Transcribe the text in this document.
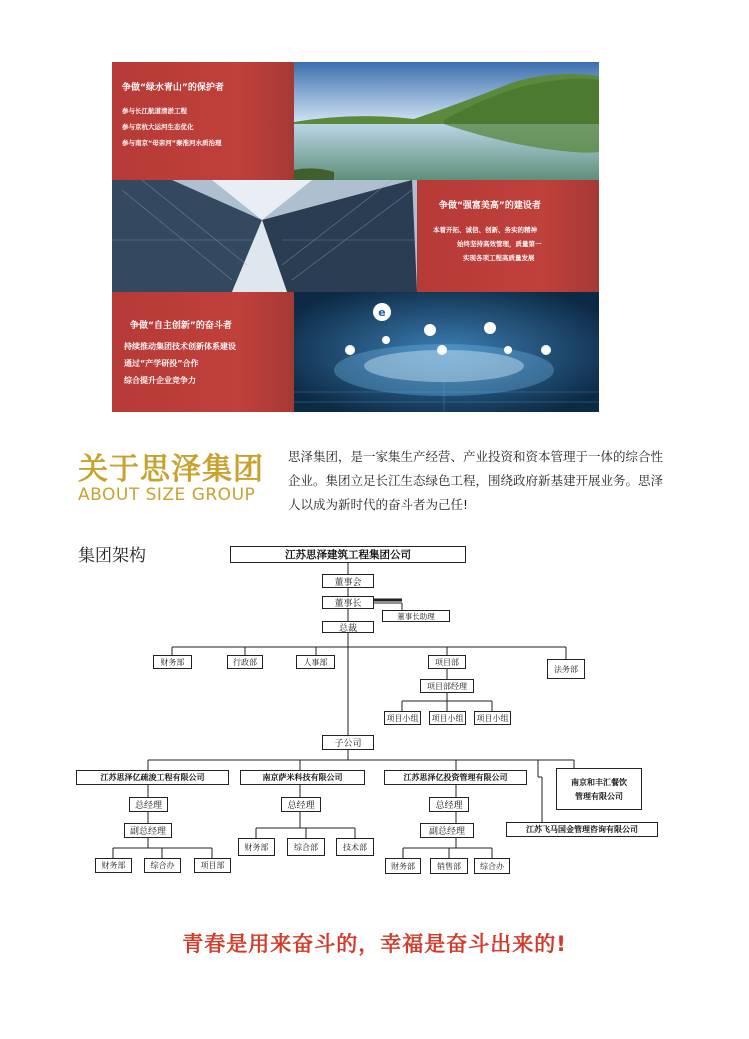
争做“绿水青山”的保护者
参与长江航道清淤工程
参与京杭大运河生态优化
参与南京“母亲河”秦淮河水质治理
争做“强富美高”的建设者
本着开拓、诚信、创新、务实的精神
始终坚持高效管理，质量第一
实现各项工程高质量发展
争做“自主创新”的奋斗者
持续推动集团技术创新体系建设
通过“产学研投”合作
综合提升企业竞争力
e
关于思泽集团
ABOUT SIZE GROUP
思泽集团，是一家集生产经营、产业投资和资本管理于一体的综合性企业。集团立足长江生态绿色工程，围绕政府新基建开展业务。思泽人以成为新时代的奋斗者为己任!
集团架构	江苏思泽建筑工程集团公司
董事会
董事长
董事长助理
总裁
财务部	行政部	人事部	项目部
法务部
项目部经理
项目小组	项目小组	项目小组
子公司
江苏思泽亿疏浚工程有限公司
总经理
副总经理
财务部	综合办	项目部
南京萨米科技有限公司
总经理
财务部	综合部	技术部
江苏思泽亿投资管理有限公司
总经理
副总经理
财务部	销售部	综合办
南京和丰汇餐饮
管理有限公司
江苏飞马国金管理咨询有限公司
青春是用来奋斗的，幸福是奋斗出来的!
